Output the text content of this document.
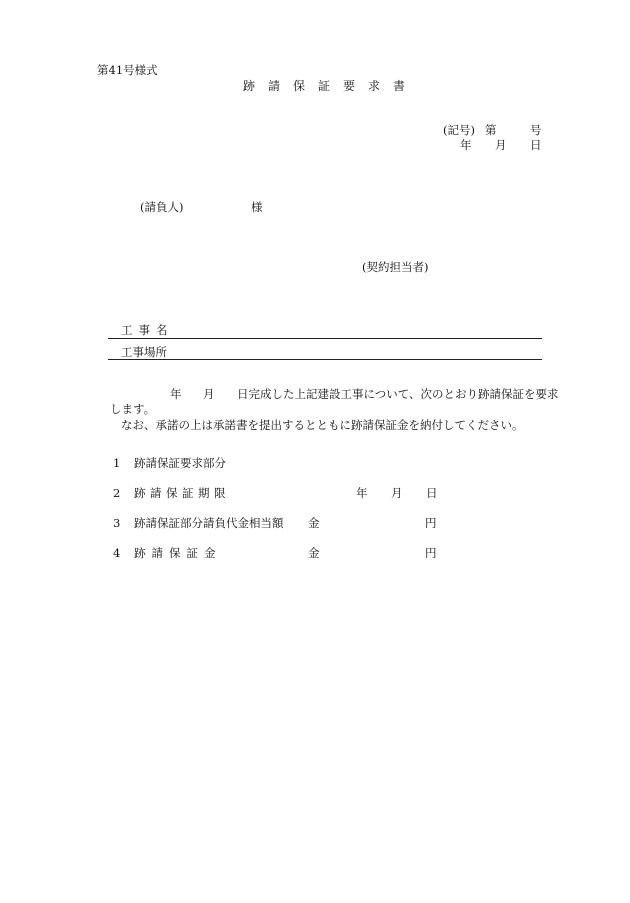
第41号様式
跡請保証要求書
(記号) 第	号
年 月 日
(請負人)	様
(契約担当者)
工事名
工事場所
年 月 日完成した上記建設工事について、次のとおり跡請保証を要求
します。
なお、承諾の上は承諾書を提出するとともに跡請保証金を納付してください。
1 跡請保証要求部分
2 跡請保証期限	年 月 日
3 跡請保証部分請負代金相当額 金	円
4 跡請保証金	金	円
